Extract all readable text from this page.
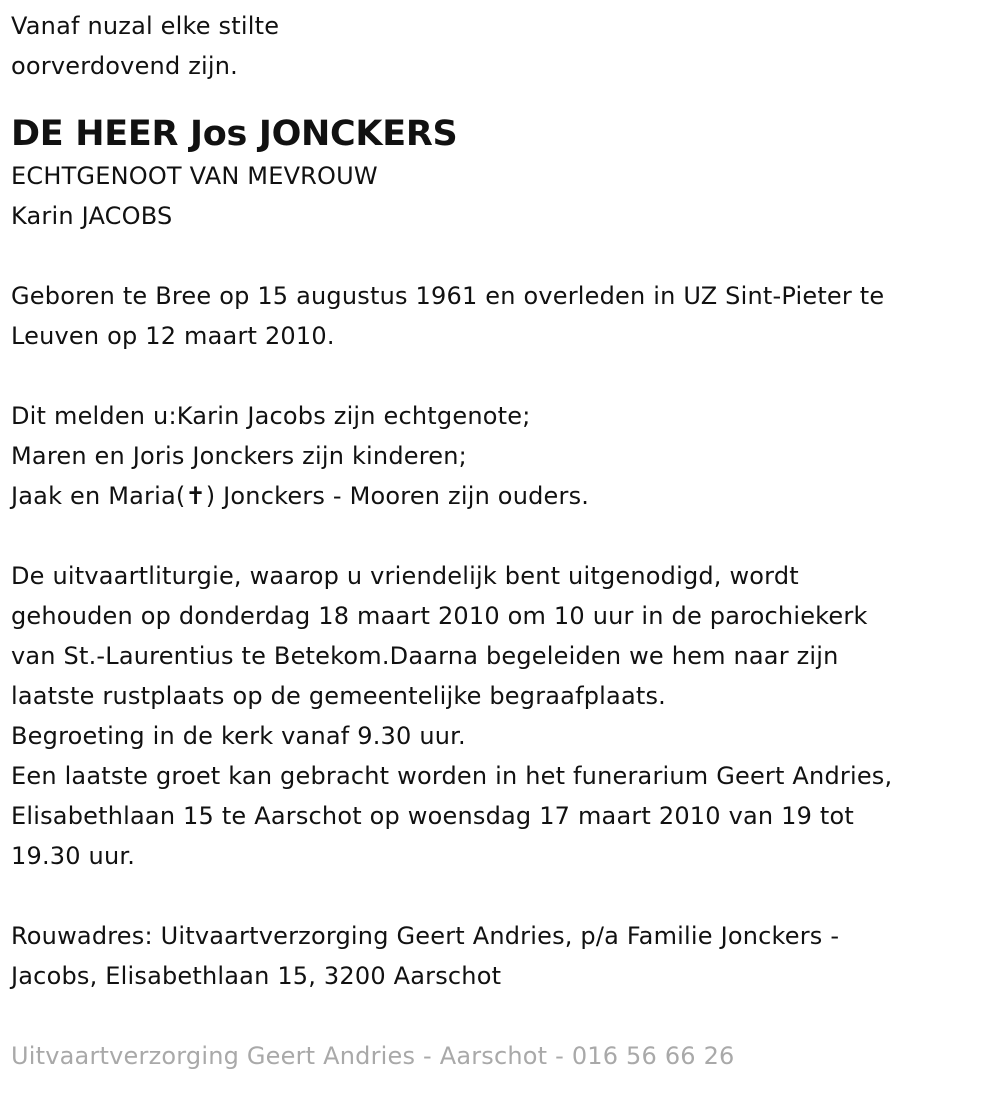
Vanaf nuzal elke stilte
oorverdovend zijn.
DE HEER Jos JONCKERS
ECHTGENOOT VAN MEVROUW
Karin JACOBS
Geboren te Bree op 15 augustus 1961 en overleden in UZ Sint-Pieter te
Leuven op 12 maart 2010.
Dit melden u:Karin Jacobs zijn echtgenote;
Maren en Joris Jonckers zijn kinderen;
Jaak en Maria(✝) Jonckers - Mooren zijn ouders.
De uitvaartliturgie, waarop u vriendelijk bent uitgenodigd, wordt
gehouden op donderdag 18 maart 2010 om 10 uur in de parochiekerk
van St.-Laurentius te Betekom.Daarna begeleiden we hem naar zijn
laatste rustplaats op de gemeentelijke begraafplaats.
Begroeting in de kerk vanaf 9.30 uur.
Een laatste groet kan gebracht worden in het funerarium Geert Andries,
Elisabethlaan 15 te Aarschot op woensdag 17 maart 2010 van 19 tot
19.30 uur.
Rouwadres: Uitvaartverzorging Geert Andries, p/a Familie Jonckers -
Jacobs, Elisabethlaan 15, 3200 Aarschot
Uitvaartverzorging Geert Andries - Aarschot - 016 56 66 26
